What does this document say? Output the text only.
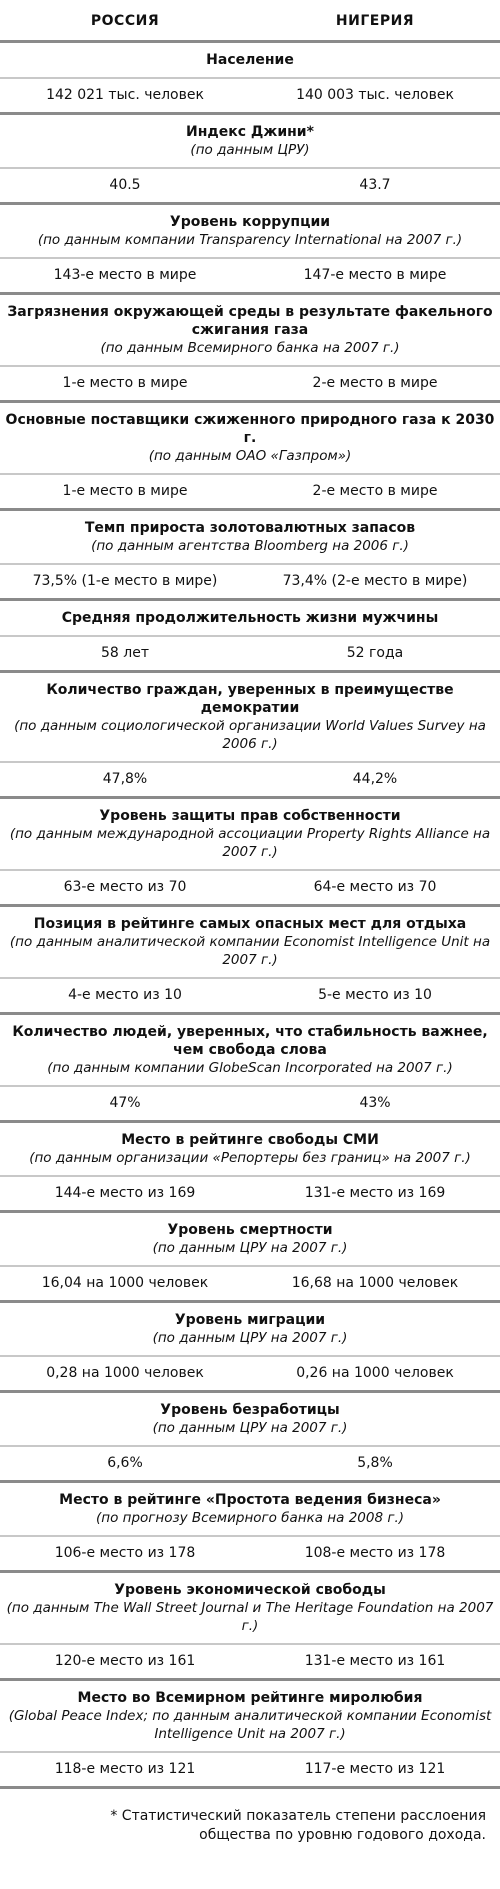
РОССИЯ	НИГЕРИЯ
Население
142 021 тыс. человек	140 003 тыс. человек
Индекс Джини*
(по данным ЦРУ)
40.5	43.7
Уровень коррупции
(по данным компании Transparency International на 2007 г.)
143-е место в мире	147-е место в мире
Загрязнения окружающей среды в результате факельного сжигания газа
(по данным Всемирного банка на 2007 г.)
1-е место в мире	2-е место в мире
Основные поставщики сжиженного природного газа к 2030 г.
(по данным ОАО «Газпром»)
1-е место в мире	2-е место в мире
Темп прироста золотовалютных запасов
(по данным агентства Bloomberg на 2006 г.)
73,5% (1-е место в мире)	73,4% (2-е место в мире)
Средняя продолжительность жизни мужчины
58 лет	52 года
Количество граждан, уверенных в преимуществе демократии
(по данным социологической организации World Values Survey на 2006 г.)
47,8%	44,2%
Уровень защиты прав собственности
(по данным международной ассоциации Property Rights Alliance на 2007 г.)
63-е место из 70	64-е место из 70
Позиция в рейтинге самых опасных мест для отдыха
(по данным аналитической компании Economist Intelligence Unit на 2007 г.)
4-е место из 10	5-е место из 10
Количество людей, уверенных, что стабильность важнее, чем свобода слова
(по данным компании GlobeScan Incorporated на 2007 г.)
47%	43%
Место в рейтинге свободы СМИ
(по данным организации «Репортеры без границ» на 2007 г.)
144-е место из 169	131-е место из 169
Уровень смертности
(по данным ЦРУ на 2007 г.)
16,04 на 1000 человек	16,68 на 1000 человек
Уровень миграции
(по данным ЦРУ на 2007 г.)
0,28 на 1000 человек	0,26 на 1000 человек
Уровень безработицы
(по данным ЦРУ на 2007 г.)
6,6%	5,8%
Место в рейтинге «Простота ведения бизнеса»
(по прогнозу Всемирного банка на 2008 г.)
106-е место из 178	108-е место из 178
Уровень экономической свободы
(по данным The Wall Street Journal и The Heritage Foundation на 2007 г.)
120-е место из 161	131-е место из 161
Место во Всемирном рейтинге миролюбия
(Global Peace Index; по данным аналитической компании Economist Intelligence Unit на 2007 г.)
118-е место из 121	117-е место из 121
* Статистический показатель степени расслоения общества по уровню годового дохода.
